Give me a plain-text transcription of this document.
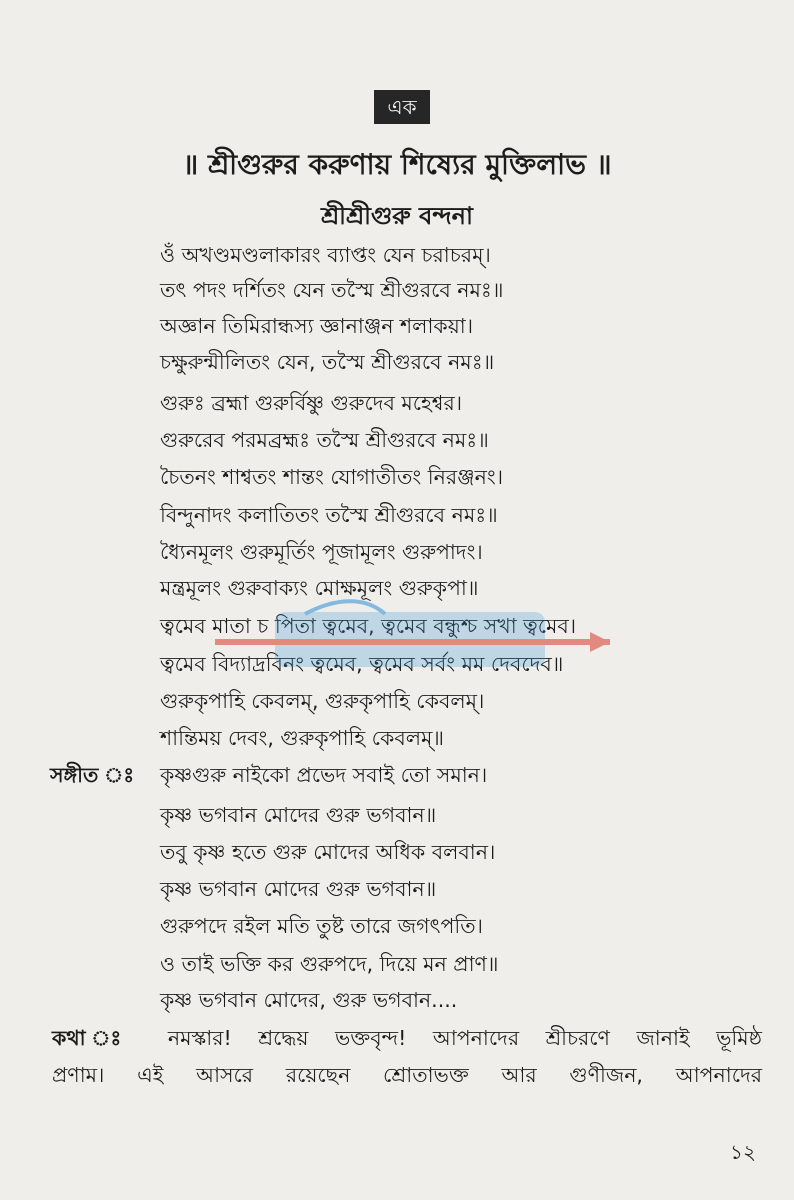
এক
॥ শ্রীগুরুর করুণায় শিষ্যের মুক্তিলাভ ॥
শ্রীশ্রীগুরু বন্দনা
ওঁ অখণ্ডমণ্ডলাকারং ব্যাপ্তং যেন চরাচরম্।
তৎ পদং দর্শিতং যেন তস্মৈ শ্রীগুরবে নমঃ॥
অজ্ঞান তিমিরান্ধস্য জ্ঞানাঞ্জন শলাকয়া।
চক্ষুরুন্মীলিতং যেন, তস্মৈ শ্রীগুরবে নমঃ॥
গুরুঃ ব্রহ্মা গুরুর্বিষ্ণু গুরুদেব মহেশ্বর।
গুরুরেব পরমব্রহ্মঃ তস্মৈ শ্রীগুরবে নমঃ॥
চৈতনং শাশ্বতং শান্তং যোগাতীতং নিরঞ্জনং।
বিন্দুনাদং কলাতিতং তস্মৈ শ্রীগুরবে নমঃ॥
ধ্যৈনমূলং গুরুমূর্তিং পূজামূলং গুরুপাদং।
মন্ত্রমূলং গুরুবাক্যং মোক্ষমূলং গুরুকৃপা॥
ত্বমেব মাতা চ পিতা ত্বমেব, ত্বমেব বন্ধুশ্চ সখা ত্বমেব।
ত্বমেব বিদ্যাদ্রবিনং ত্বমেব, ত্বমেব সর্বং মম দেবদেব॥
গুরুকৃপাহি কেবলম্, গুরুকৃপাহি কেবলম্।
শান্তিময় দেবং, গুরুকৃপাহি কেবলম্॥
সঙ্গীত ঃ কৃষ্ণগুরু নাইকো প্রভেদ সবাই তো সমান।
কৃষ্ণ ভগবান মোদের গুরু ভগবান॥
তবু কৃষ্ণ হতে গুরু মোদের অধিক বলবান।
কৃষ্ণ ভগবান মোদের গুরু ভগবান॥
গুরুপদে রইল মতি তুষ্ট তারে জগৎপতি।
ও তাই ভক্তি কর গুরুপদে, দিয়ে মন প্রাণ॥
কৃষ্ণ ভগবান মোদের, গুরু ভগবান....
কথা ঃ নমস্কার! শ্রদ্ধেয় ভক্তবৃন্দ! আপনাদের শ্রীচরণে জানাই ভূমিষ্ঠ
প্রণাম। এই আসরে রয়েছেন শ্রোতাভক্ত আর গুণীজন, আপনাদের
১২
